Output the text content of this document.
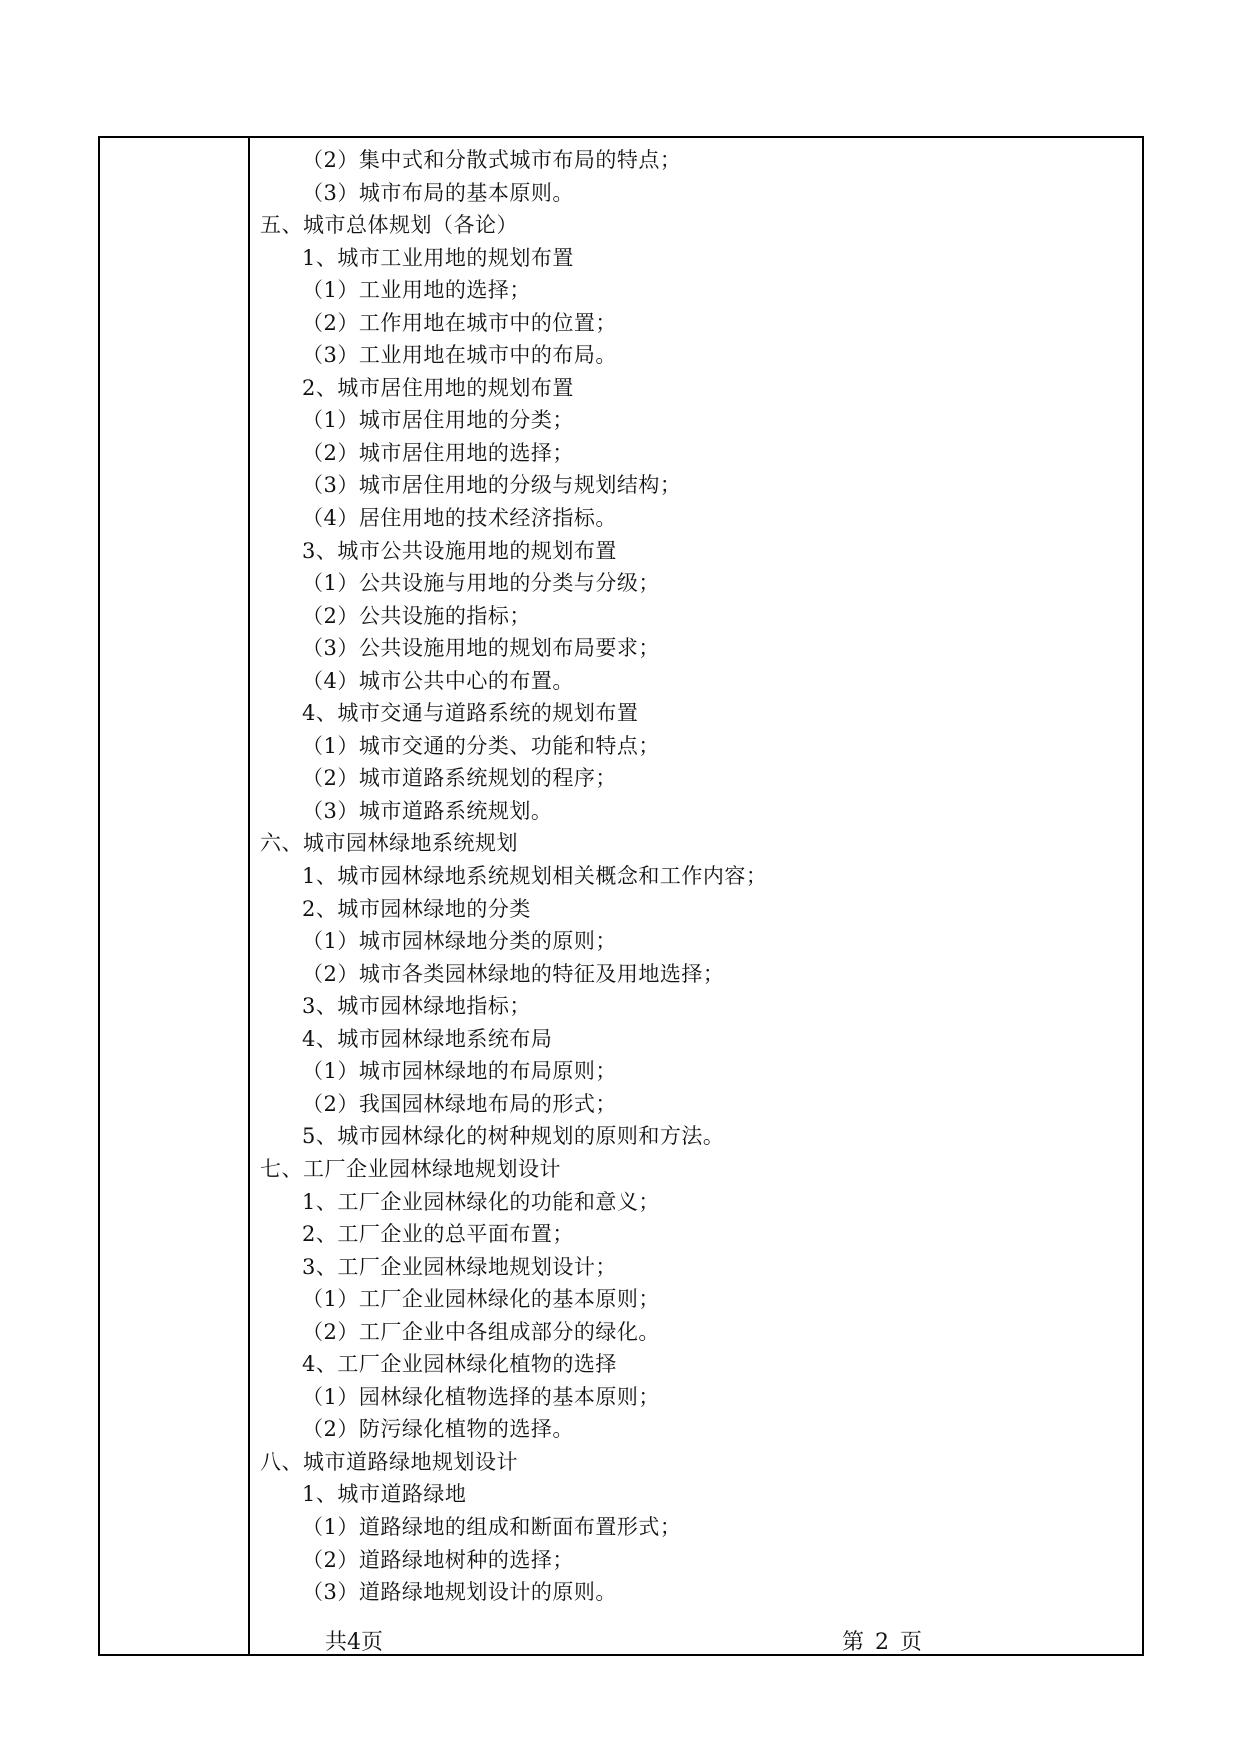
（2）集中式和分散式城市布局的特点；
（3）城市布局的基本原则。
五、城市总体规划（各论）
1、城市工业用地的规划布置
（1）工业用地的选择；
（2）工作用地在城市中的位置；
（3）工业用地在城市中的布局。
2、城市居住用地的规划布置
（1）城市居住用地的分类；
（2）城市居住用地的选择；
（3）城市居住用地的分级与规划结构；
（4）居住用地的技术经济指标。
3、城市公共设施用地的规划布置
（1）公共设施与用地的分类与分级；
（2）公共设施的指标；
（3）公共设施用地的规划布局要求；
（4）城市公共中心的布置。
4、城市交通与道路系统的规划布置
（1）城市交通的分类、功能和特点；
（2）城市道路系统规划的程序；
（3）城市道路系统规划。
六、城市园林绿地系统规划
1、城市园林绿地系统规划相关概念和工作内容；
2、城市园林绿地的分类
（1）城市园林绿地分类的原则；
（2）城市各类园林绿地的特征及用地选择；
3、城市园林绿地指标；
4、城市园林绿地系统布局
（1）城市园林绿地的布局原则；
（2）我国园林绿地布局的形式；
5、城市园林绿化的树种规划的原则和方法。
七、工厂企业园林绿地规划设计
1、工厂企业园林绿化的功能和意义；
2、工厂企业的总平面布置；
3、工厂企业园林绿地规划设计；
（1）工厂企业园林绿化的基本原则；
（2）工厂企业中各组成部分的绿化。
4、工厂企业园林绿化植物的选择
（1）园林绿化植物选择的基本原则；
（2）防污绿化植物的选择。
八、城市道路绿地规划设计
1、城市道路绿地
（1）道路绿地的组成和断面布置形式；
（2）道路绿地树种的选择；
（3）道路绿地规划设计的原则。
共4页	第 2 页
